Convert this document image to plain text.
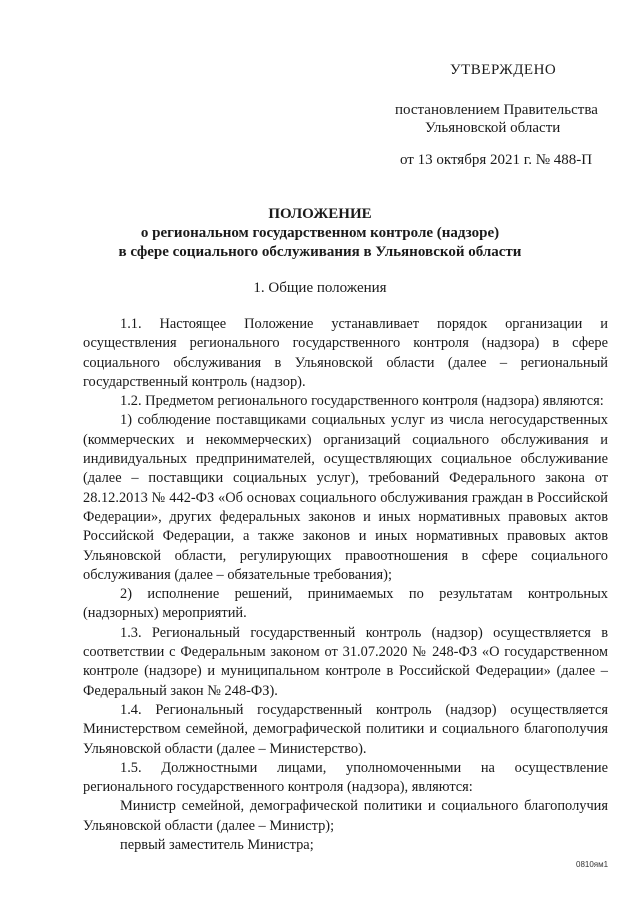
УТВЕРЖДЕНО
постановлением Правительства
Ульяновской области
от 13 октября 2021 г. № 488-П
ПОЛОЖЕНИЕ
о региональном государственном контроле (надзоре)
в сфере социального обслуживания в Ульяновской области
1. Общие положения

1.1. Настоящее Положение устанавливает порядок организации и осуществления регионального государственного контроля (надзора) в сфере социального обслуживания в Ульяновской области (далее – региональный государственный контроль (надзор).

1.2. Предметом регионального государственного контроля (надзора) являются:

1) соблюдение поставщиками социальных услуг из числа негосударственных (коммерческих и некоммерческих) организаций социального обслуживания и индивидуальных предпринимателей, осуществляющих социальное обслуживание (далее – поставщики социальных услуг), требований Федерального закона от 28.12.2013 № 442-ФЗ «Об основах социального обслуживания граждан в Российской Федерации», других федеральных законов и иных нормативных правовых актов Российской Федерации, а также законов и иных нормативных правовых актов Ульяновской области, регулирующих правоотношения в сфере социального обслуживания (далее – обязательные требования);

2) исполнение решений, принимаемых по результатам контрольных (надзорных) мероприятий.

1.3. Региональный государственный контроль (надзор) осуществляется в соответствии с Федеральным законом от 31.07.2020 № 248-ФЗ «О государственном контроле (надзоре) и муниципальном контроле в Российской Федерации» (далее – Федеральный закон № 248-ФЗ).

1.4. Региональный государственный контроль (надзор) осуществляется Министерством семейной, демографической политики и социального благополучия Ульяновской области (далее – Министерство).

1.5. Должностными лицами, уполномоченными на осуществление регионального государственного контроля (надзора), являются:

Министр семейной, демографической политики и социального благополучия Ульяновской области (далее – Министр);

первый заместитель Министра;

0810ям1
